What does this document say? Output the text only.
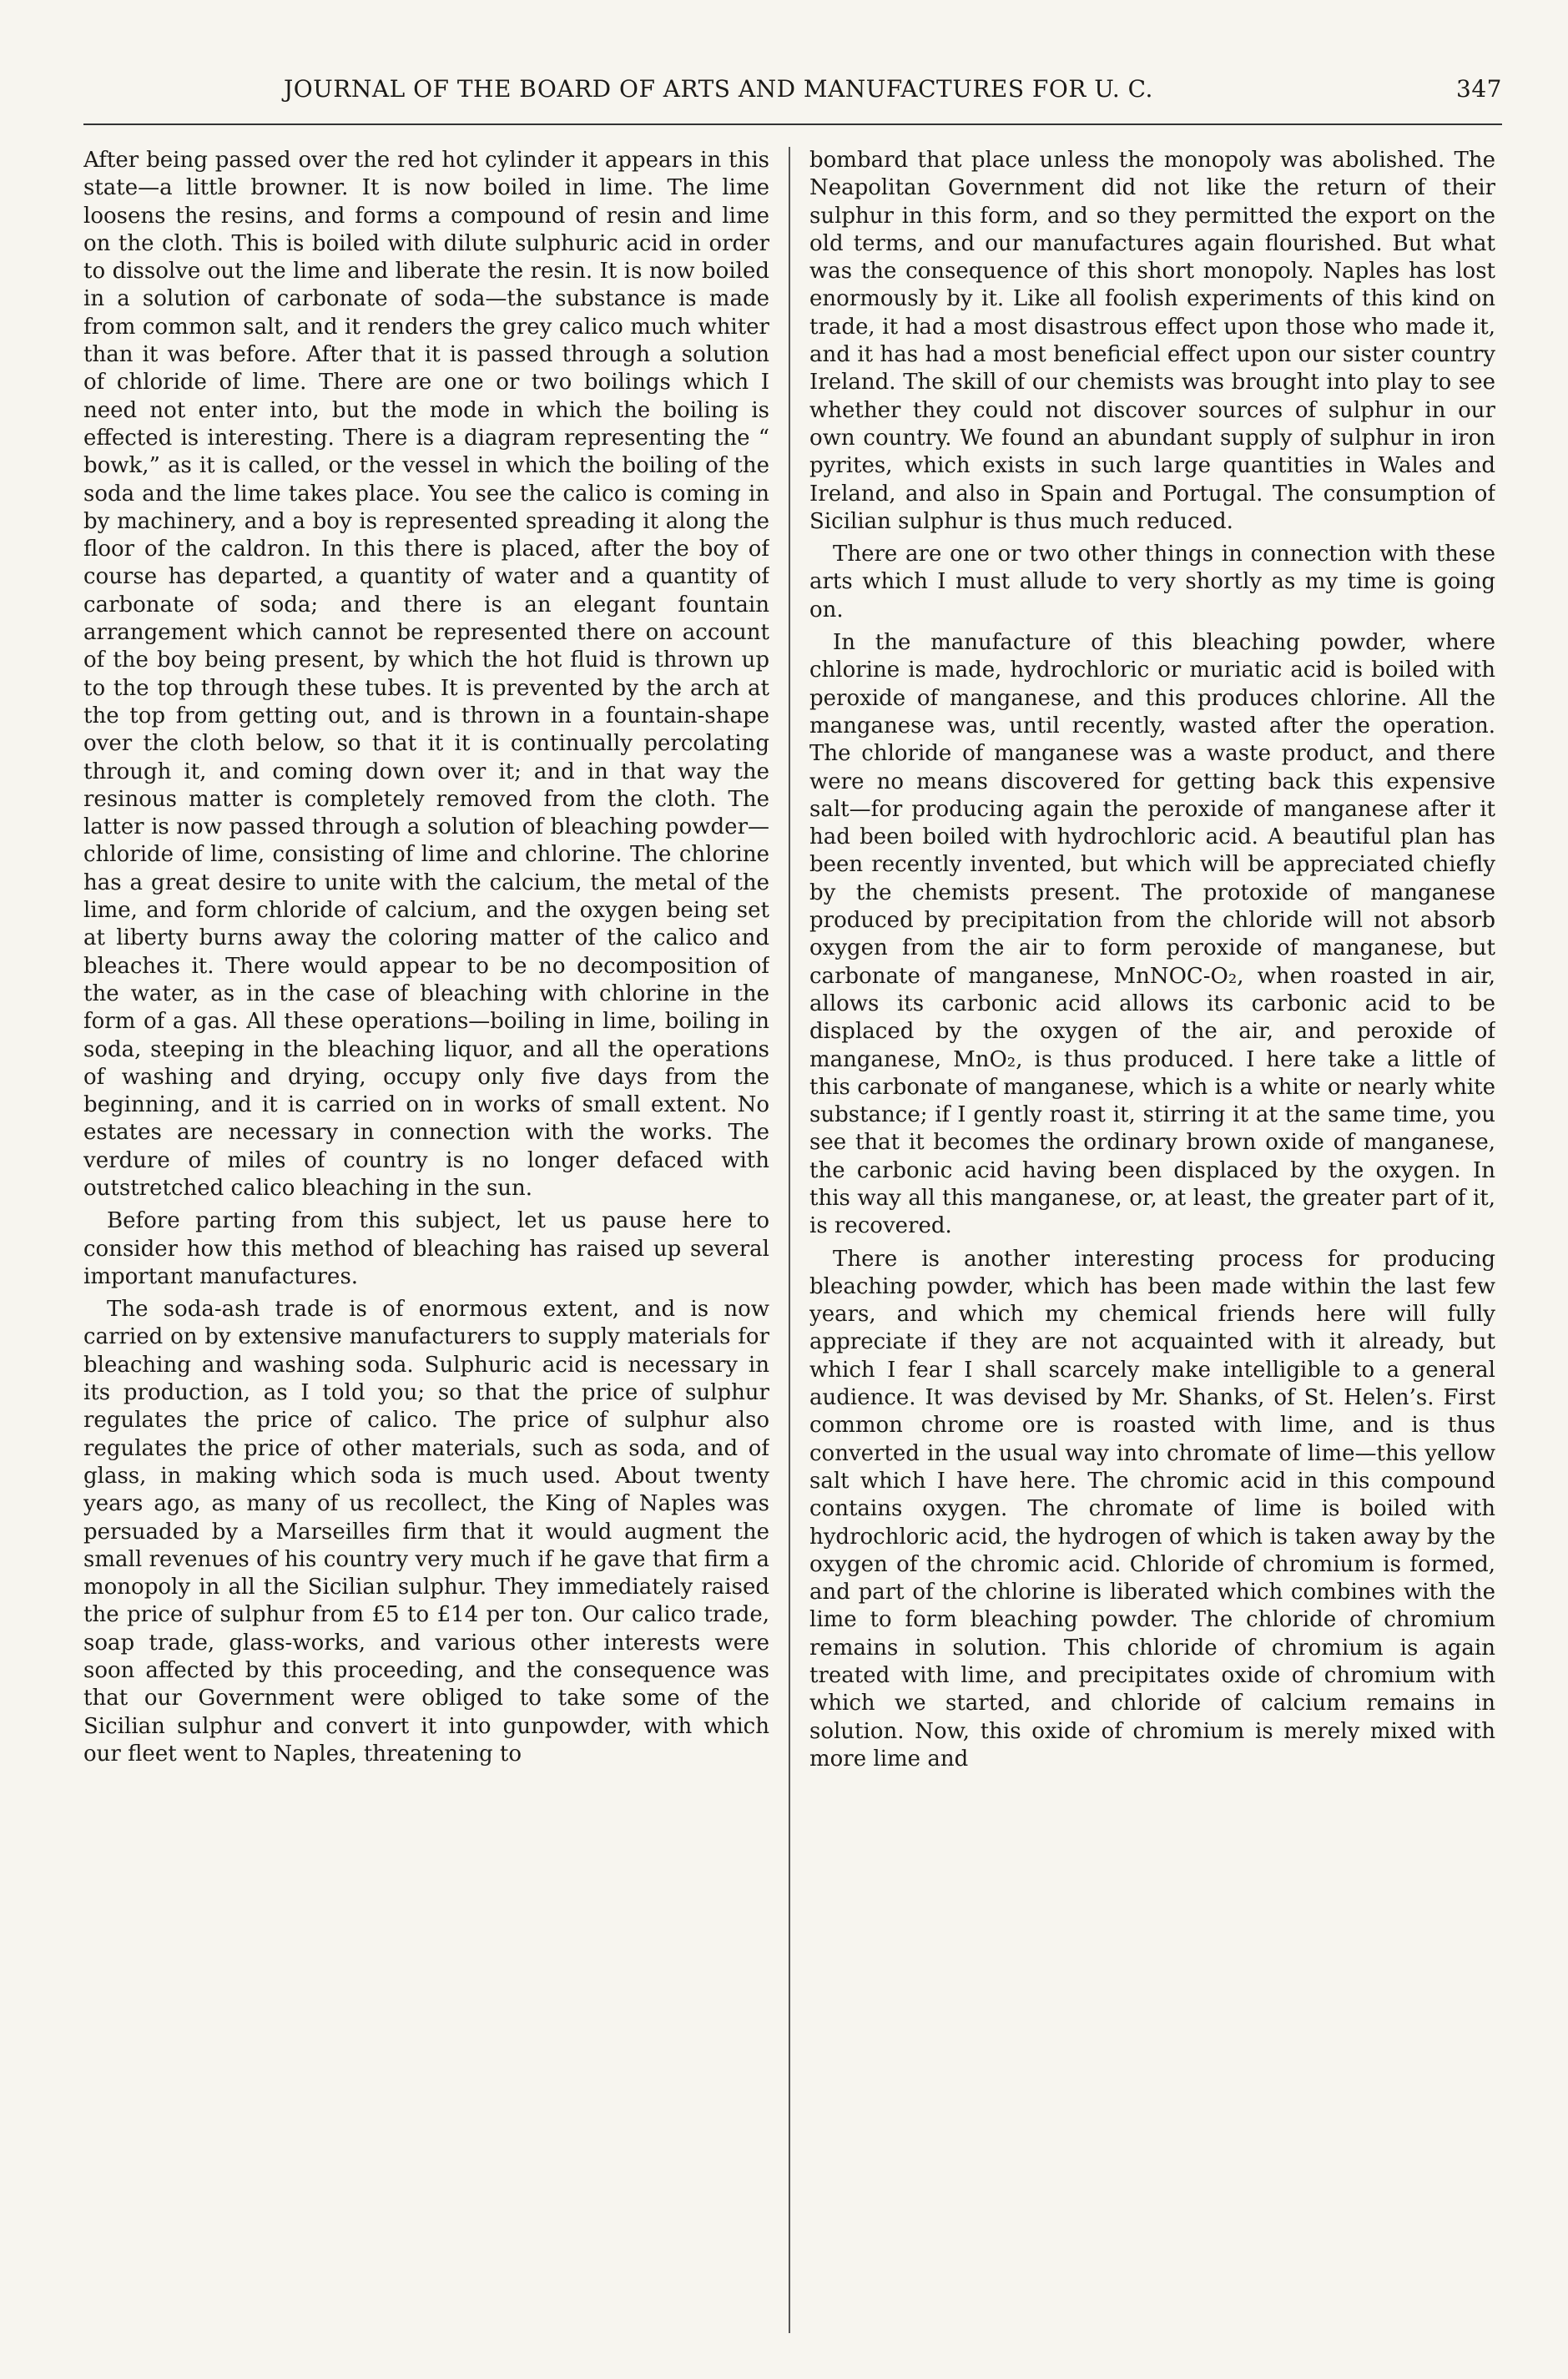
JOURNAL OF THE BOARD OF ARTS AND MANUFACTURES FOR U. C.	347

After being passed over the red hot cylinder it appears in this state—a little browner. It is now boiled in lime. The lime loosens the resins, and forms a compound of resin and lime on the cloth. This is boiled with dilute sulphuric acid in order to dissolve out the lime and liberate the resin. It is now boiled in a solution of carbonate of soda—the substance is made from common salt, and it renders the grey calico much whiter than it was before. After that it is passed through a solution of chloride of lime. There are one or two boilings which I need not enter into, but the mode in which the boiling is effected is interesting. There is a diagram representing the “ bowk,” as it is called, or the vessel in which the boiling of the soda and the lime takes place. You see the calico is coming in by machinery, and a boy is represented spreading it along the floor of the caldron. In this there is placed, after the boy of course has departed, a quantity of water and a quantity of carbonate of soda; and there is an elegant fountain arrangement which cannot be represented there on account of the boy being present, by which the hot fluid is thrown up to the top through these tubes. It is prevented by the arch at the top from getting out, and is thrown in a fountain-shape over the cloth below, so that it it is continually percolating through it, and coming down over it; and in that way the resinous matter is completely removed from the cloth. The latter is now passed through a solution of bleaching powder—chloride of lime, consisting of lime and chlorine. The chlorine has a great desire to unite with the calcium, the metal of the lime, and form chloride of calcium, and the oxygen being set at liberty burns away the coloring matter of the calico and bleaches it. There would appear to be no decomposition of the water, as in the case of bleaching with chlorine in the form of a gas. All these operations—boiling in lime, boiling in soda, steeping in the bleaching liquor, and all the operations of washing and drying, occupy only five days from the beginning, and it is carried on in works of small extent. No estates are necessary in connection with the works. The verdure of miles of country is no longer defaced with outstretched calico bleaching in the sun.

Before parting from this subject, let us pause here to consider how this method of bleaching has raised up several important manufactures.

The soda-ash trade is of enormous extent, and is now carried on by extensive manufacturers to supply materials for bleaching and washing soda. Sulphuric acid is necessary in its production, as I told you; so that the price of sulphur regulates the price of calico. The price of sulphur also regulates the price of other materials, such as soda, and of glass, in making which soda is much used. About twenty years ago, as many of us recollect, the King of Naples was persuaded by a Marseilles firm that it would augment the small revenues of his country very much if he gave that firm a monopoly in all the Sicilian sulphur. They immediately raised the price of sulphur from £5 to £14 per ton. Our calico trade, soap trade, glass-works, and various other interests were soon affected by this proceeding, and the consequence was that our Government were obliged to take some of the Sicilian sulphur and convert it into gunpowder, with which our fleet went to Naples, threatening to

bombard that place unless the monopoly was abolished. The Neapolitan Government did not like the return of their sulphur in this form, and so they permitted the export on the old terms, and our manufactures again flourished. But what was the consequence of this short monopoly. Naples has lost enormously by it. Like all foolish experiments of this kind on trade, it had a most disastrous effect upon those who made it, and it has had a most beneficial effect upon our sister country Ireland. The skill of our chemists was brought into play to see whether they could not discover sources of sulphur in our own country. We found an abundant supply of sulphur in iron pyrites, which exists in such large quantities in Wales and Ireland, and also in Spain and Portugal. The consumption of Sicilian sulphur is thus much reduced.

There are one or two other things in connection with these arts which I must allude to very shortly as my time is going on.

In the manufacture of this bleaching powder, where chlorine is made, hydrochloric or muriatic acid is boiled with peroxide of manganese, and this produces chlorine. All the manganese was, until recently, wasted after the operation. The chloride of manganese was a waste product, and there were no means discovered for getting back this expensive salt—for producing again the peroxide of manganese after it had been boiled with hydrochloric acid. A beautiful plan has been recently invented, but which will be appreciated chiefly by the chemists present. The protoxide of manganese produced by precipitation from the chloride will not absorb oxygen from the air to form peroxide of manganese, but carbonate of manganese, MnNOC-O₂, when roasted in air, allows its carbonic acid allows its carbonic acid to be displaced by the oxygen of the air, and peroxide of manganese, MnO₂, is thus produced. I here take a little of this carbonate of manganese, which is a white or nearly white substance; if I gently roast it, stirring it at the same time, you see that it becomes the ordinary brown oxide of manganese, the carbonic acid having been displaced by the oxygen. In this way all this manganese, or, at least, the greater part of it, is recovered.

There is another interesting process for producing bleaching powder, which has been made within the last few years, and which my chemical friends here will fully appreciate if they are not acquainted with it already, but which I fear I shall scarcely make intelligible to a general audience. It was devised by Mr. Shanks, of St. Helen’s. First common chrome ore is roasted with lime, and is thus converted in the usual way into chromate of lime—this yellow salt which I have here. The chromic acid in this compound contains oxygen. The chromate of lime is boiled with hydrochloric acid, the hydrogen of which is taken away by the oxygen of the chromic acid. Chloride of chromium is formed, and part of the chlorine is liberated which combines with the lime to form bleaching powder. The chloride of chromium remains in solution. This chloride of chromium is again treated with lime, and precipitates oxide of chromium with which we started, and chloride of calcium remains in solution. Now, this oxide of chromium is merely mixed with more lime and
